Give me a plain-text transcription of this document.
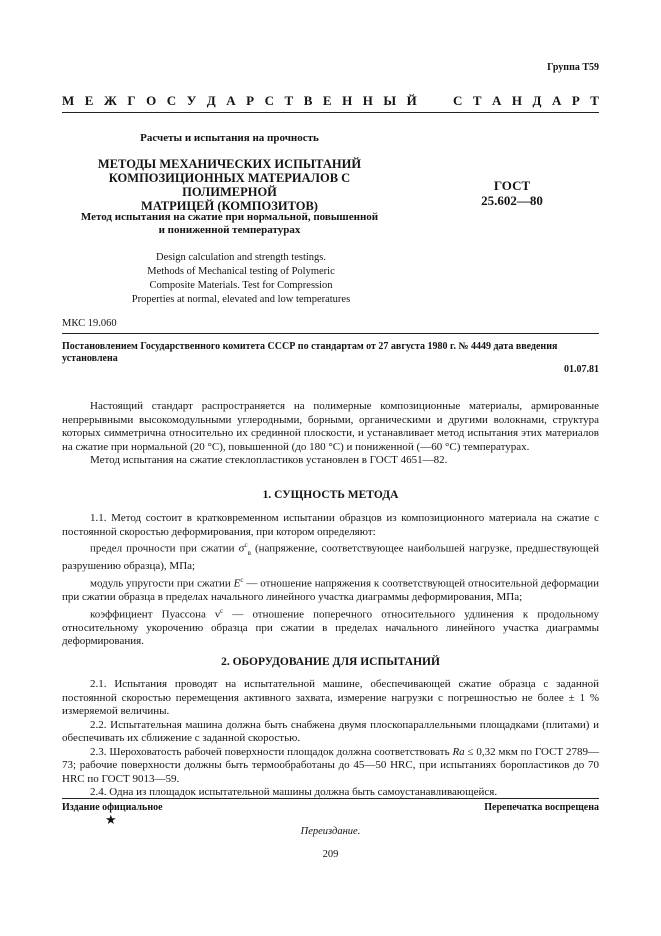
Группа Т59
М Е Ж Г О С У Д А Р С Т В Е Н Н Ы Й	С Т А Н Д А Р Т
Расчеты и испытания на прочность
МЕТОДЫ МЕХАНИЧЕСКИХ ИСПЫТАНИЙ
КОМПОЗИЦИОННЫХ МАТЕРИАЛОВ С ПОЛИМЕРНОЙ
МАТРИЦЕЙ (КОМПОЗИТОВ)
Метод испытания на сжатие при нормальной, повышенной
и пониженной температурах
Design calculation and strength testings.
Methods of Mechanical testing of Polymeric
Composite Materials. Test for Compression
Properties at normal, elevated and low temperatures
ГОСТ
25.602—80
МКС 19.060
Постановлением Государственного комитета СССР по стандартам от 27 августа 1980 г. № 4449 дата введения установлена
01.07.81

Настоящий стандарт распространяется на полимерные композиционные материалы, армированные непрерывными высокомодульными углеродными, борными, органическими и другими волокнами, структура которых симметрична относительно их срединной плоскости, и устанавливает метод испытания этих материалов на сжатие при нормальной (20 °С), повышенной (до 180 °С) и пониженной (—60 °С) температурах.

Метод испытания на сжатие стеклопластиков установлен в ГОСТ 4651—82.

1. СУЩНОСТЬ МЕТОДА

1.1. Метод состоит в кратковременном испытании образцов из композиционного материала на сжатие с постоянной скоростью деформирования, при котором определяют:

предел прочности при сжатии $\sigma^с_в$ (напряжение, соответствующее наибольшей нагрузке, предшествующей разрушению образца), МПа;

модуль упругости при сжатии $E^с$ — отношение напряжения к соответствующей относительной деформации при сжатии образца в пределах начального линейного участка диаграммы деформирования, МПа;

коэффициент Пуассона $\nu^с$ — отношение поперечного относительного удлинения к продольному относительному укорочению образца при сжатии в пределах начального линейного участка диаграммы деформирования.

2. ОБОРУДОВАНИЕ ДЛЯ ИСПЫТАНИЙ

2.1. Испытания проводят на испытательной машине, обеспечивающей сжатие образца с заданной постоянной скоростью перемещения активного захвата, измерение нагрузки с погрешностью не более ± 1 % измеряемой величины.

2.2. Испытательная машина должна быть снабжена двумя плоскопараллельными площадками (плитами) и обеспечивать их сближение с заданной скоростью.

2.3. Шероховатость рабочей поверхности площадок должна соответствовать Ra ≤ 0,32 мкм по ГОСТ 2789—73; рабочие поверхности должны быть термообработаны до 45—50 HRC, при испытаниях боропластиков до 70 HRC по ГОСТ 9013—59.

2.4. Одна из площадок испытательной машины должна быть самоустанавливающейся.

Издание официальное	Перепечатка воспрещена
★
Переиздание.
209
